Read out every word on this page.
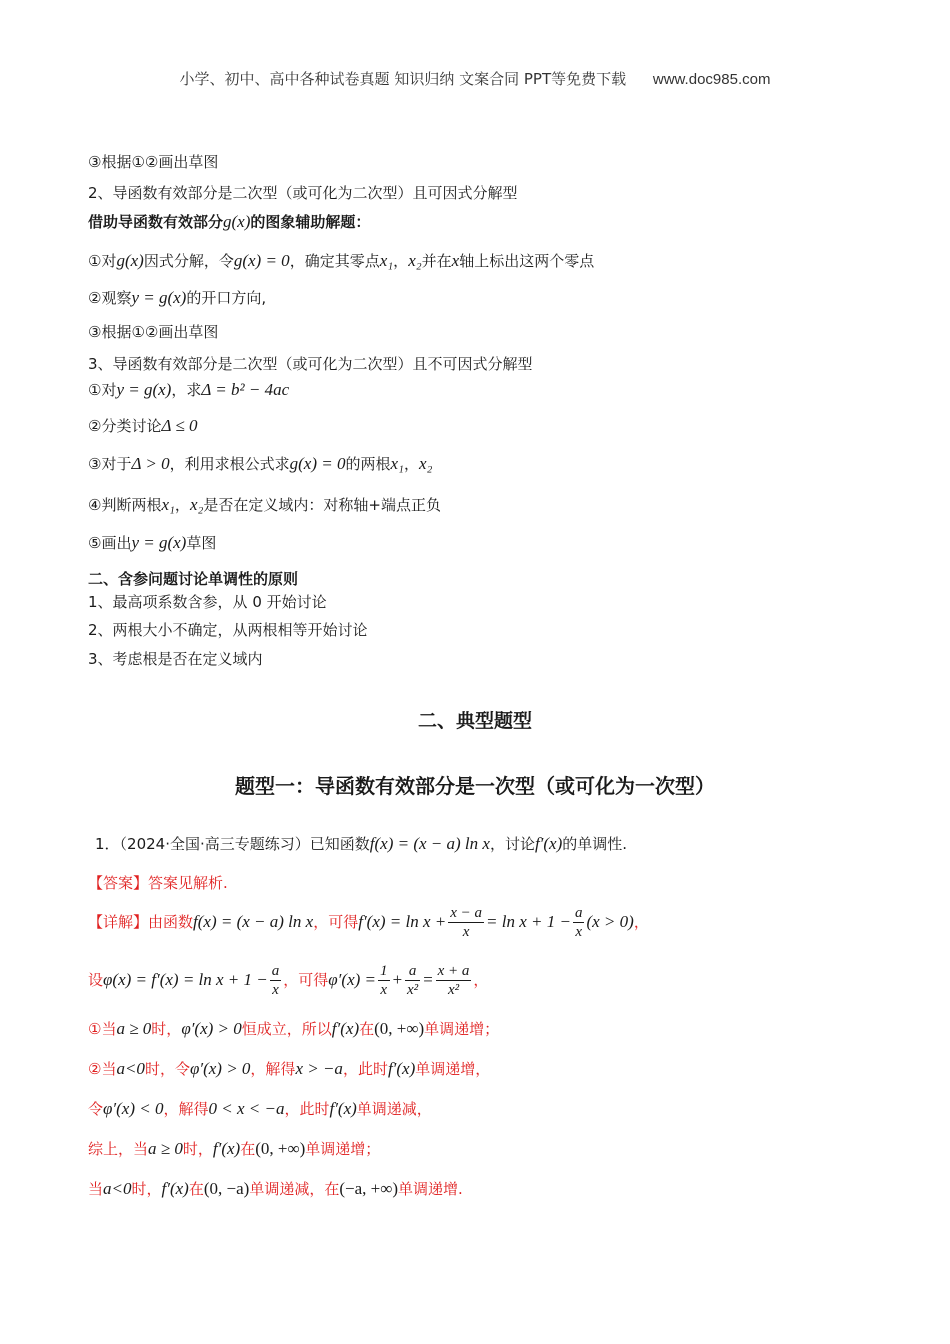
小学、初中、高中各种试卷真题 知识归纳 文案合同 PPT等免费下载 www.doc985.com
③根据①②画出草图
2、导函数有效部分是二次型（或可化为二次型）且可因式分解型
借助导函数有效部分g(x)的图象辅助解题：
①对g(x)因式分解，令g(x) = 0，确定其零点x₁，x₂并在x轴上标出这两个零点
②观察y = g(x)的开口方向,
③根据①②画出草图
3、导函数有效部分是二次型（或可化为二次型）且不可因式分解型
①对y = g(x)，求Δ = b² − 4ac
②分类讨论Δ ≤ 0
③对于Δ > 0，利用求根公式求g(x) = 0的两根x₁，x₂
④判断两根x₁，x₂是否在定义域内：对称轴+端点正负
⑤画出y = g(x)草图
二、含参问题讨论单调性的原则
1、最高项系数含参，从 0 开始讨论
2、两根大小不确定，从两根相等开始讨论
3、考虑根是否在定义域内
二、典型题型
题型一：导函数有效部分是一次型（或可化为一次型）
1．（2024·全国·高三专题练习）已知函数f(x) = (x − a) ln x，讨论f′(x)的单调性.
【答案】答案见解析.
【详解】由函数f(x) = (x − a) ln x，可得$f'(x) = \ln x + \frac{x - a}{x} = \ln x + 1 - \frac{a}{x} (x > 0)$，
设$\varphi(x) = f'(x) = \ln x + 1 - \frac{a}{x}$ ，可得$\varphi'(x) = \frac{1}{x} + \frac{a}{\text{x²}} = \frac{x + a}{\text{x²}}$ ，
①当a ≥ 0时，φ′(x) > 0恒成立，所以f′(x)在(0, +∞)单调递增；
②当a<0时，令φ′(x) > 0，解得x > −a，此时f′(x)单调递增，
令φ′(x) < 0，解得0 < x < −a，此时f′(x)单调递减，
综上，当a ≥ 0时，f′(x)在(0, +∞)单调递增；
当a<0时，f′(x)在(0, −a)单调递减，在(−a, +∞)单调递增.
